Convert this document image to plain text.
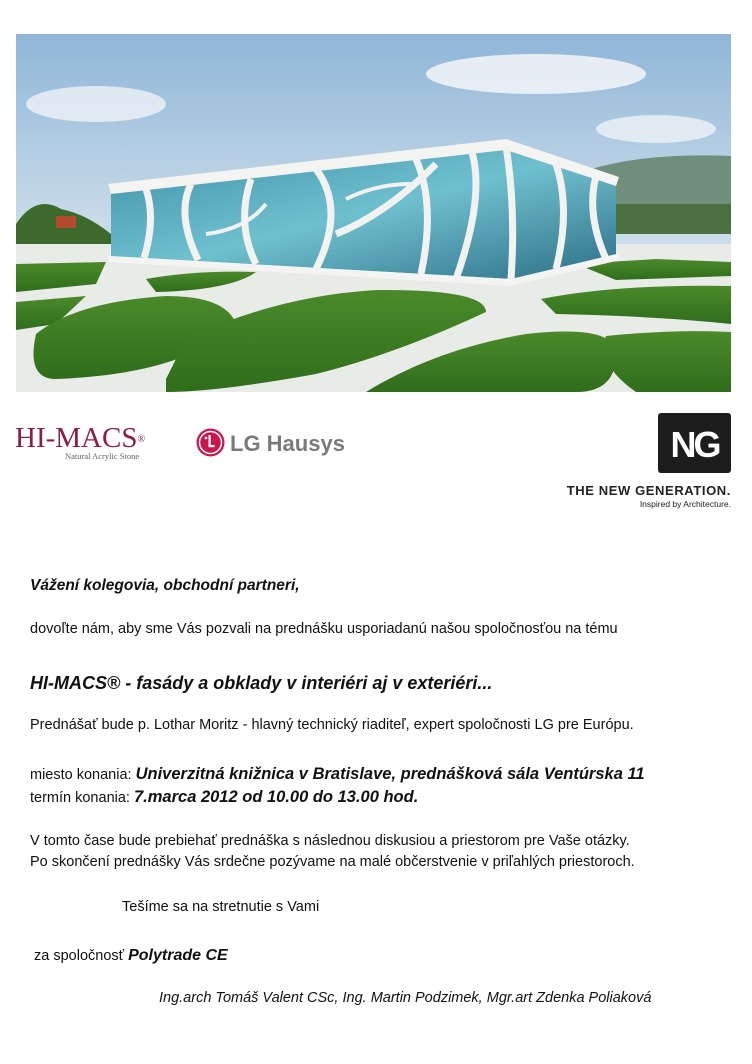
HI-MACS®
Natural Acrylic Stone	LG Hausys	NG
THE NEW GENERATION.
Inspired by Architecture.
Vážení kolegovia, obchodní partneri,
dovoľte nám, aby sme Vás pozvali na prednášku usporiadanú našou spoločnosťou na tému
HI-MACS® - fasády a obklady v interiéri aj v exteriéri...
Prednášať bude p. Lothar Moritz - hlavný technický riaditeľ, expert spoločnosti LG pre Európu.
miesto konania: Univerzitná knižnica v Bratislave, prednášková sála Ventúrska 11
termín konania: 7.marca 2012 od 10.00 do 13.00 hod.
V tomto čase bude prebiehať prednáška s následnou diskusiou a priestorom pre Vaše otázky.
Po skončení prednášky Vás srdečne pozývame na malé občerstvenie v priľahlých priestoroch.
Tešíme sa na stretnutie s Vami
za spoločnosť Polytrade CE
Ing.arch Tomáš Valent CSc, Ing. Martin Podzimek, Mgr.art Zdenka Poliaková
